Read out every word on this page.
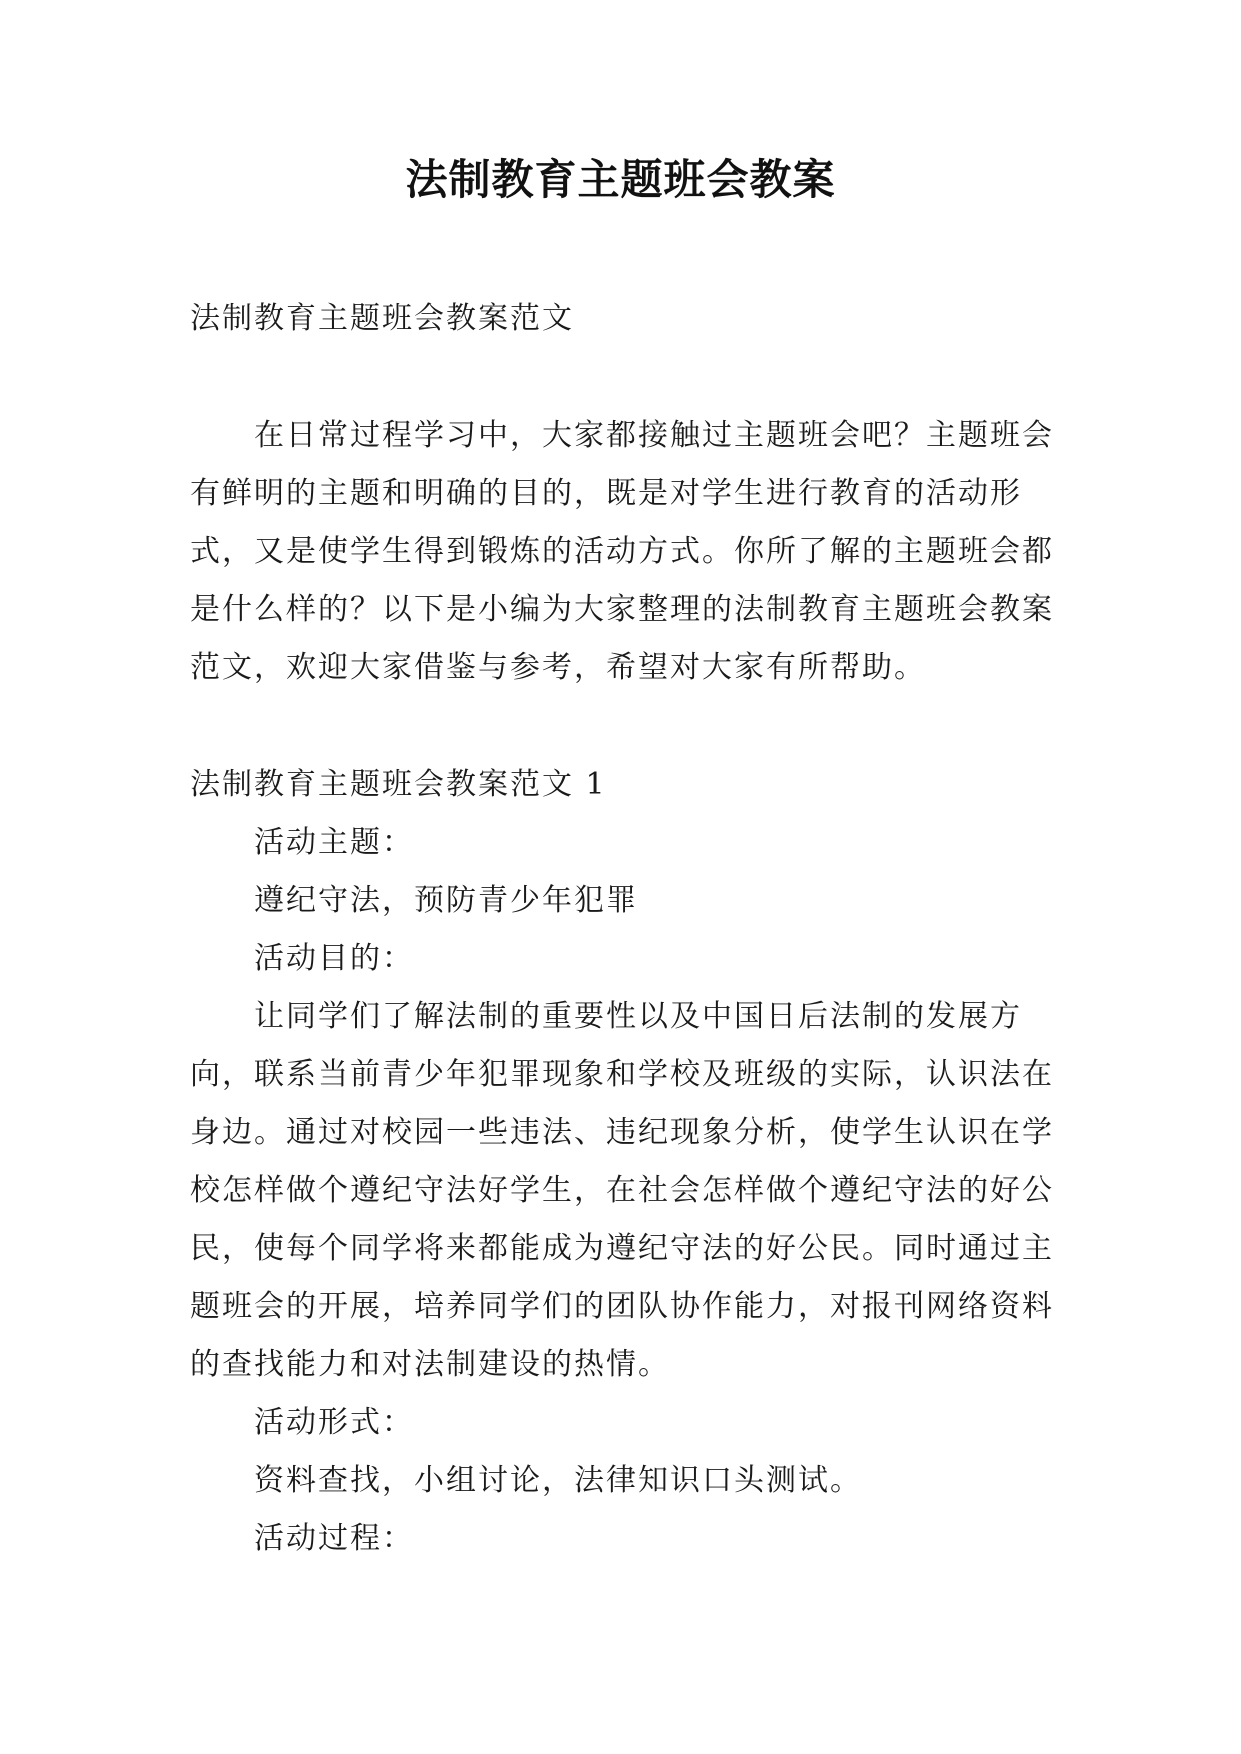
法制教育主题班会教案

法制教育主题班会教案范文

在日常过程学习中，大家都接触过主题班会吧？主题班会有鲜明的主题和明确的目的，既是对学生进行教育的活动形式，又是使学生得到锻炼的活动方式。你所了解的主题班会都是什么样的？以下是小编为大家整理的法制教育主题班会教案范文，欢迎大家借鉴与参考，希望对大家有所帮助。

法制教育主题班会教案范文 1

活动主题：

遵纪守法，预防青少年犯罪

活动目的：

让同学们了解法制的重要性以及中国日后法制的发展方向，联系当前青少年犯罪现象和学校及班级的实际，认识法在身边。通过对校园一些违法、违纪现象分析，使学生认识在学校怎样做个遵纪守法好学生，在社会怎样做个遵纪守法的好公民，使每个同学将来都能成为遵纪守法的好公民。同时通过主题班会的开展，培养同学们的团队协作能力，对报刊网络资料的查找能力和对法制建设的热情。

活动形式：

资料查找，小组讨论，法律知识口头测试。

活动过程：
